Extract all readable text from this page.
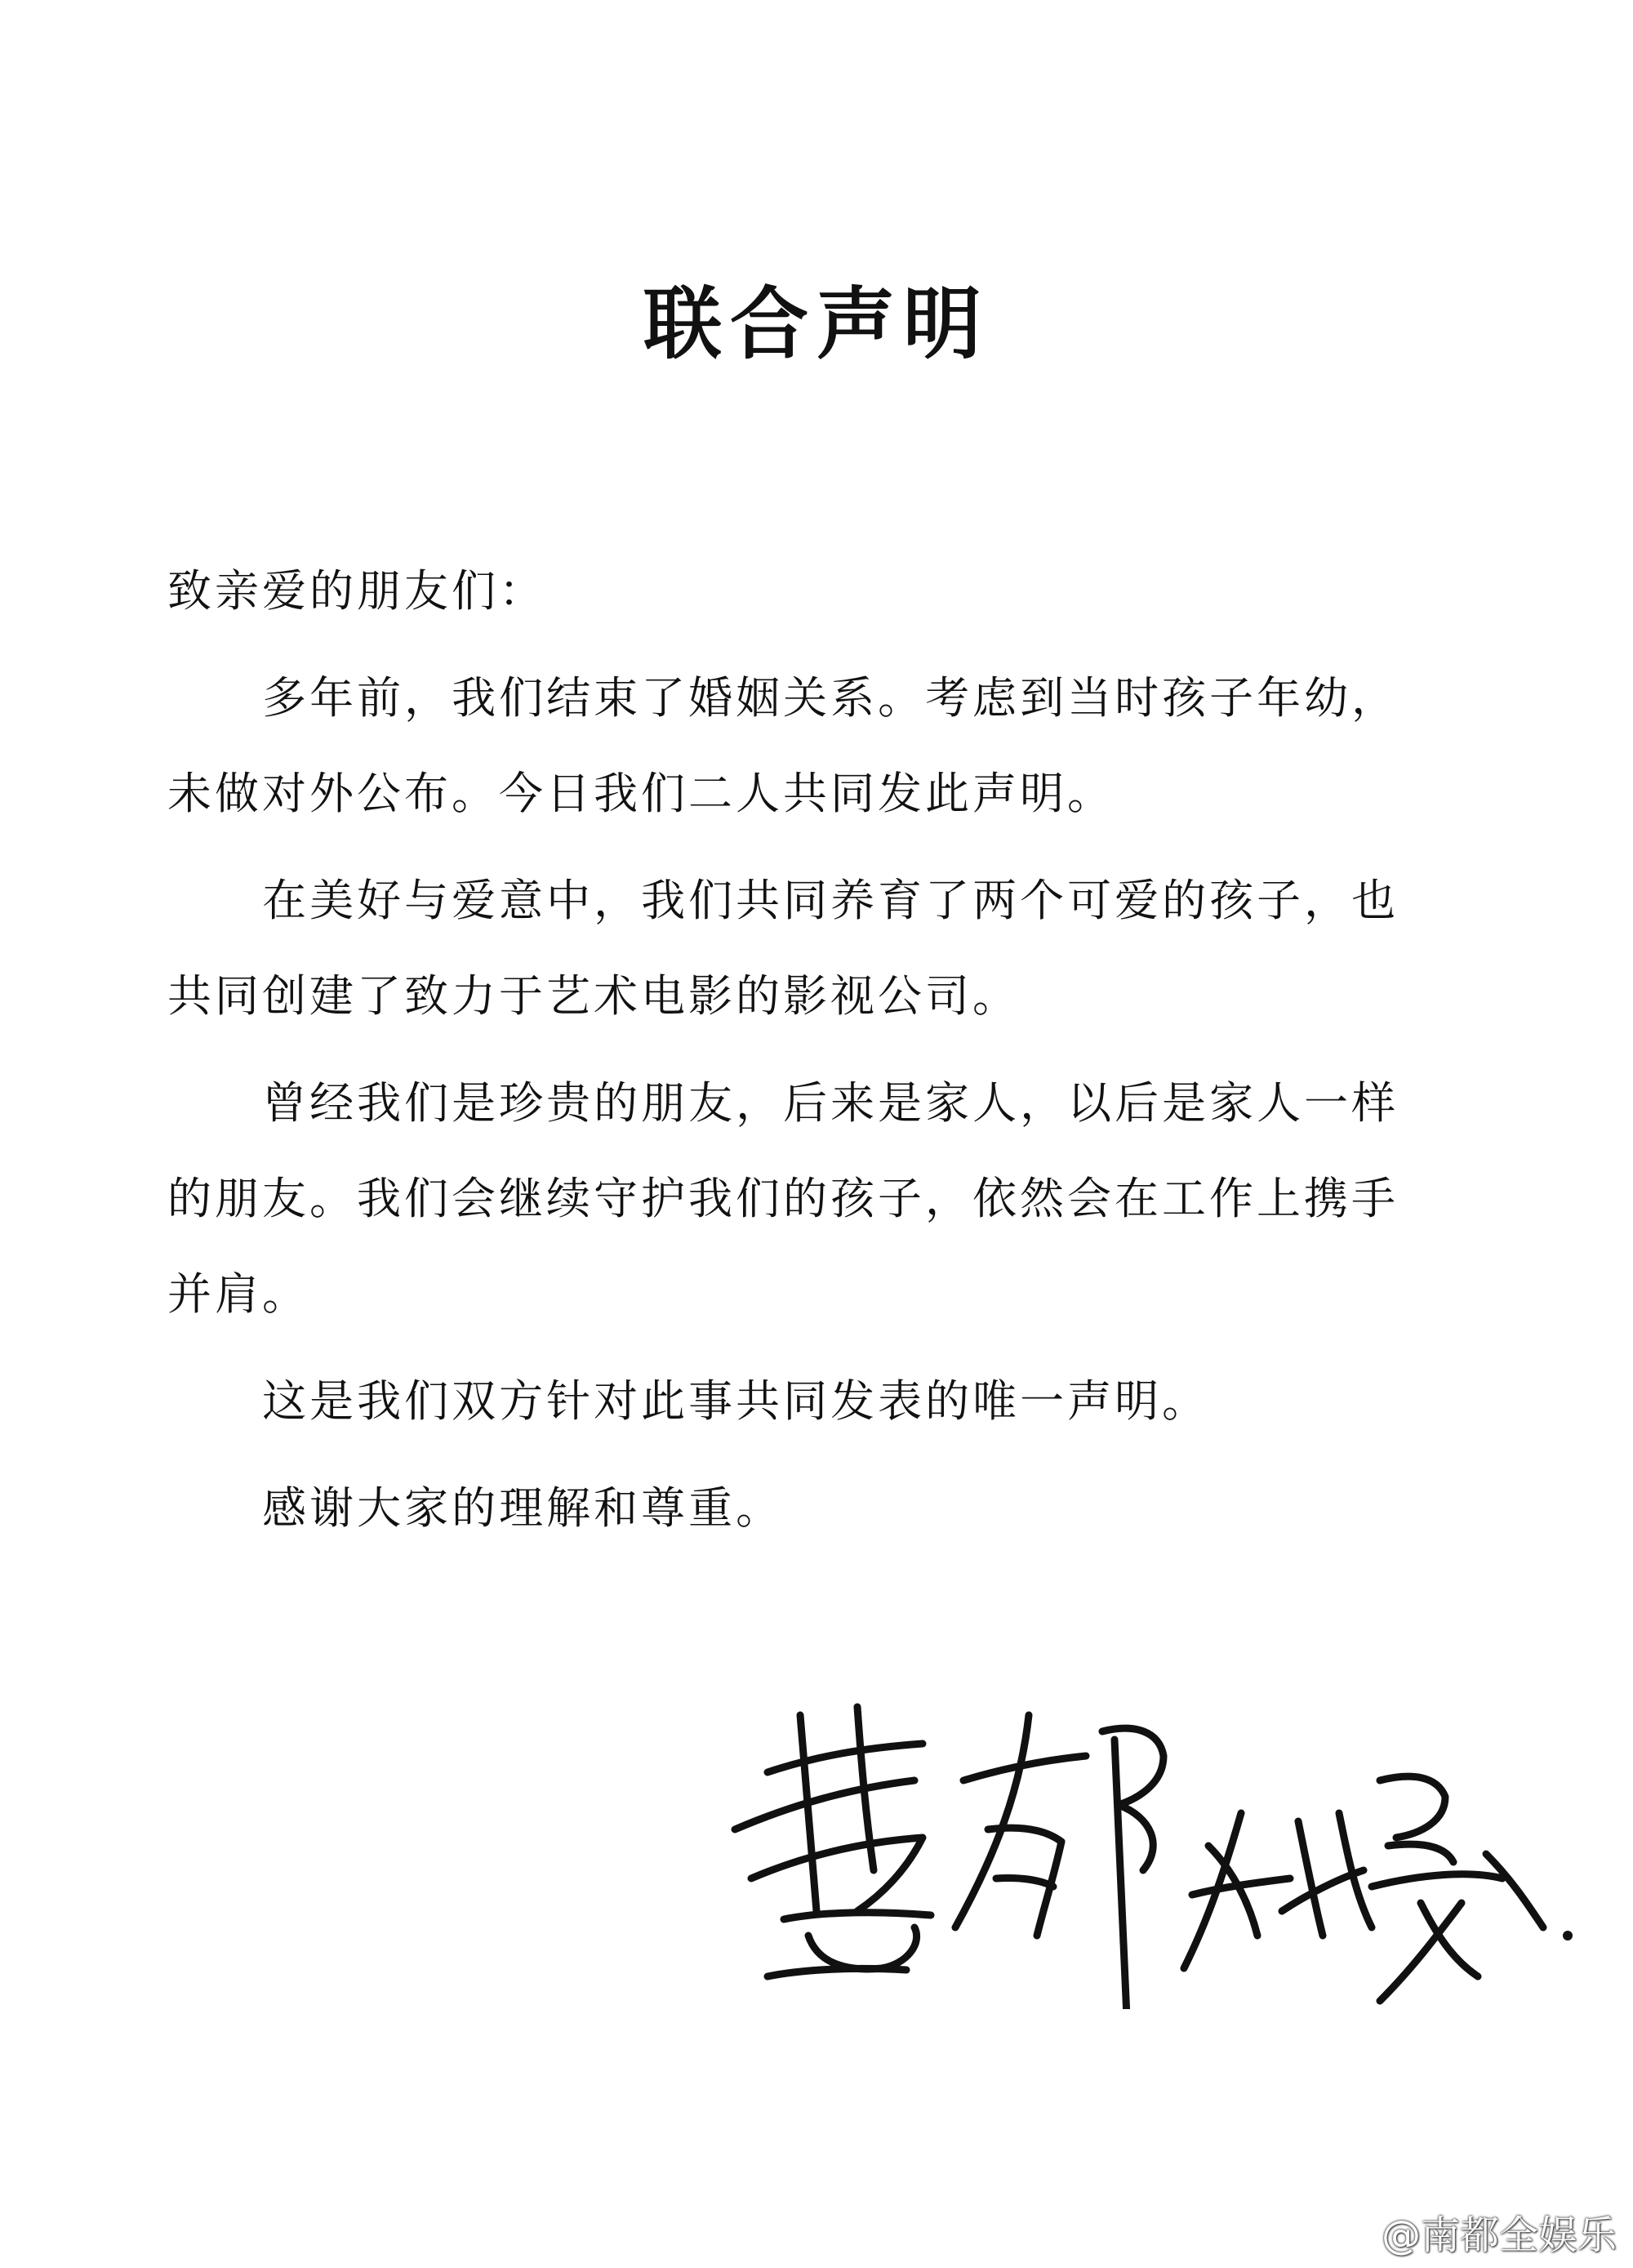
联合声明

致亲爱的朋友们：

多年前，我们结束了婚姻关系。考虑到当时孩子年幼，未做对外公布。今日我们二人共同发此声明。

在美好与爱意中，我们共同养育了两个可爱的孩子，也共同创建了致力于艺术电影的影视公司。

曾经我们是珍贵的朋友，后来是家人，以后是家人一样的朋友。我们会继续守护我们的孩子，依然会在工作上携手并肩。

这是我们双方针对此事共同发表的唯一声明。

感谢大家的理解和尊重。

@南都全娱乐
